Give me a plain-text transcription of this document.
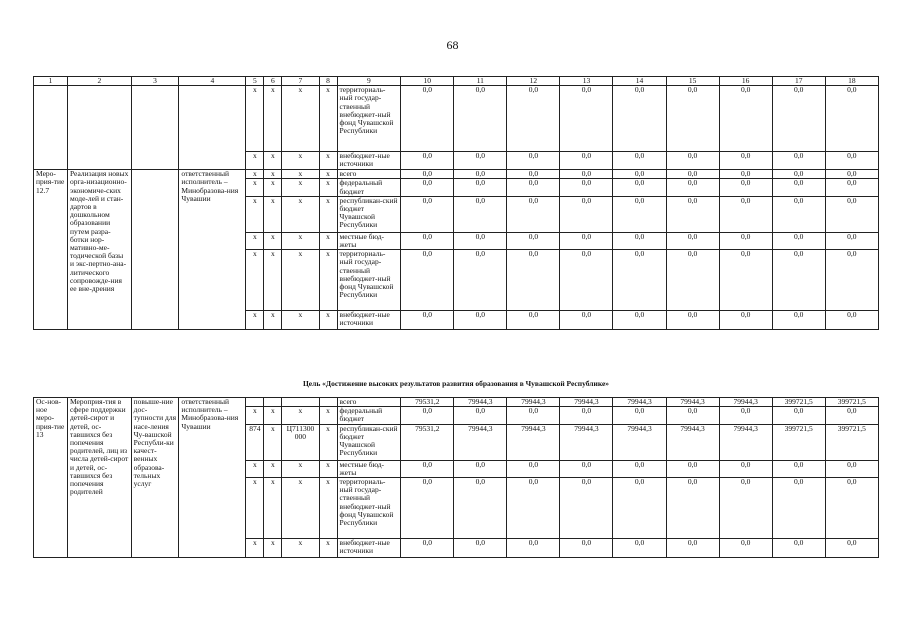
68
1	2	3	4	5	6	7	8	9	10	11	12	13	14	15	16	17	18
				х	х	х	х	территориаль-ный государ-ственный внебюджет-ный фонд Чувашской Республики	0,0	0,0	0,0	0,0	0,0	0,0	0,0	0,0	0,0
				х	х	х	х	внебюджет-ные источники	0,0	0,0	0,0	0,0	0,0	0,0	0,0	0,0	0,0
Меро-прия-тие 12.7	Реализация новых орга-низационно-экономиче-ских моде-лей и стан-дартов в дошкольном образовании путем разра-ботки нор-мативно-ме-тодической базы и экс-пертно-ана-литического сопровожде-ния ее вне-дрения		ответственный исполнитель – Минобразова-ния Чувашии	х	х	х	х	всего	0,0	0,0	0,0	0,0	0,0	0,0	0,0	0,0	0,0
				х	х	х	х	федеральный бюджет	0,0	0,0	0,0	0,0	0,0	0,0	0,0	0,0	0,0
				х	х	х	х	республикан-ский бюджет Чувашской Республики	0,0	0,0	0,0	0,0	0,0	0,0	0,0	0,0	0,0
				х	х	х	х	местные бюд-жеты	0,0	0,0	0,0	0,0	0,0	0,0	0,0	0,0	0,0
				х	х	х	х	территориаль-ный государ-ственный внебюджет-ный фонд Чувашской Республики	0,0	0,0	0,0	0,0	0,0	0,0	0,0	0,0	0,0
				х	х	х	х	внебюджет-ные источники	0,0	0,0	0,0	0,0	0,0	0,0	0,0	0,0	0,0
Цель «Достижение высоких результатов развития образования в Чувашской Республике»
Ос-нов-ное меро-прия-тие 13	Мероприя-тия в сфере поддержки детей-сирот и детей, ос-тавшихся без попечения родителей, лиц из числа детей-сирот и детей, ос-тавшихся без попечения родителей	повыше-ние дос-тупности для насе-ления Чу-вашской Республи-ки качест-венных образова-тельных услуг	ответственный исполнитель – Минобразова-ния Чувашии					всего	79531,2	79944,3	79944,3	79944,3	79944,3	79944,3	79944,3	399721,5	399721,5
				х	х	х	х	федеральный бюджет	0,0	0,0	0,0	0,0	0,0	0,0	0,0	0,0	0,0
				874	х	Ц711300 000	х	республикан-ский бюджет Чувашской Республики	79531,2	79944,3	79944,3	79944,3	79944,3	79944,3	79944,3	399721,5	399721,5
				х	х	х	х	местные бюд-жеты	0,0	0,0	0,0	0,0	0,0	0,0	0,0	0,0	0,0
				х	х	х	х	территориаль-ный государ-ственный внебюджет-ный фонд Чувашской Республики	0,0	0,0	0,0	0,0	0,0	0,0	0,0	0,0	0,0
				х	х	х	х	внебюджет-ные источники	0,0	0,0	0,0	0,0	0,0	0,0	0,0	0,0	0,0
